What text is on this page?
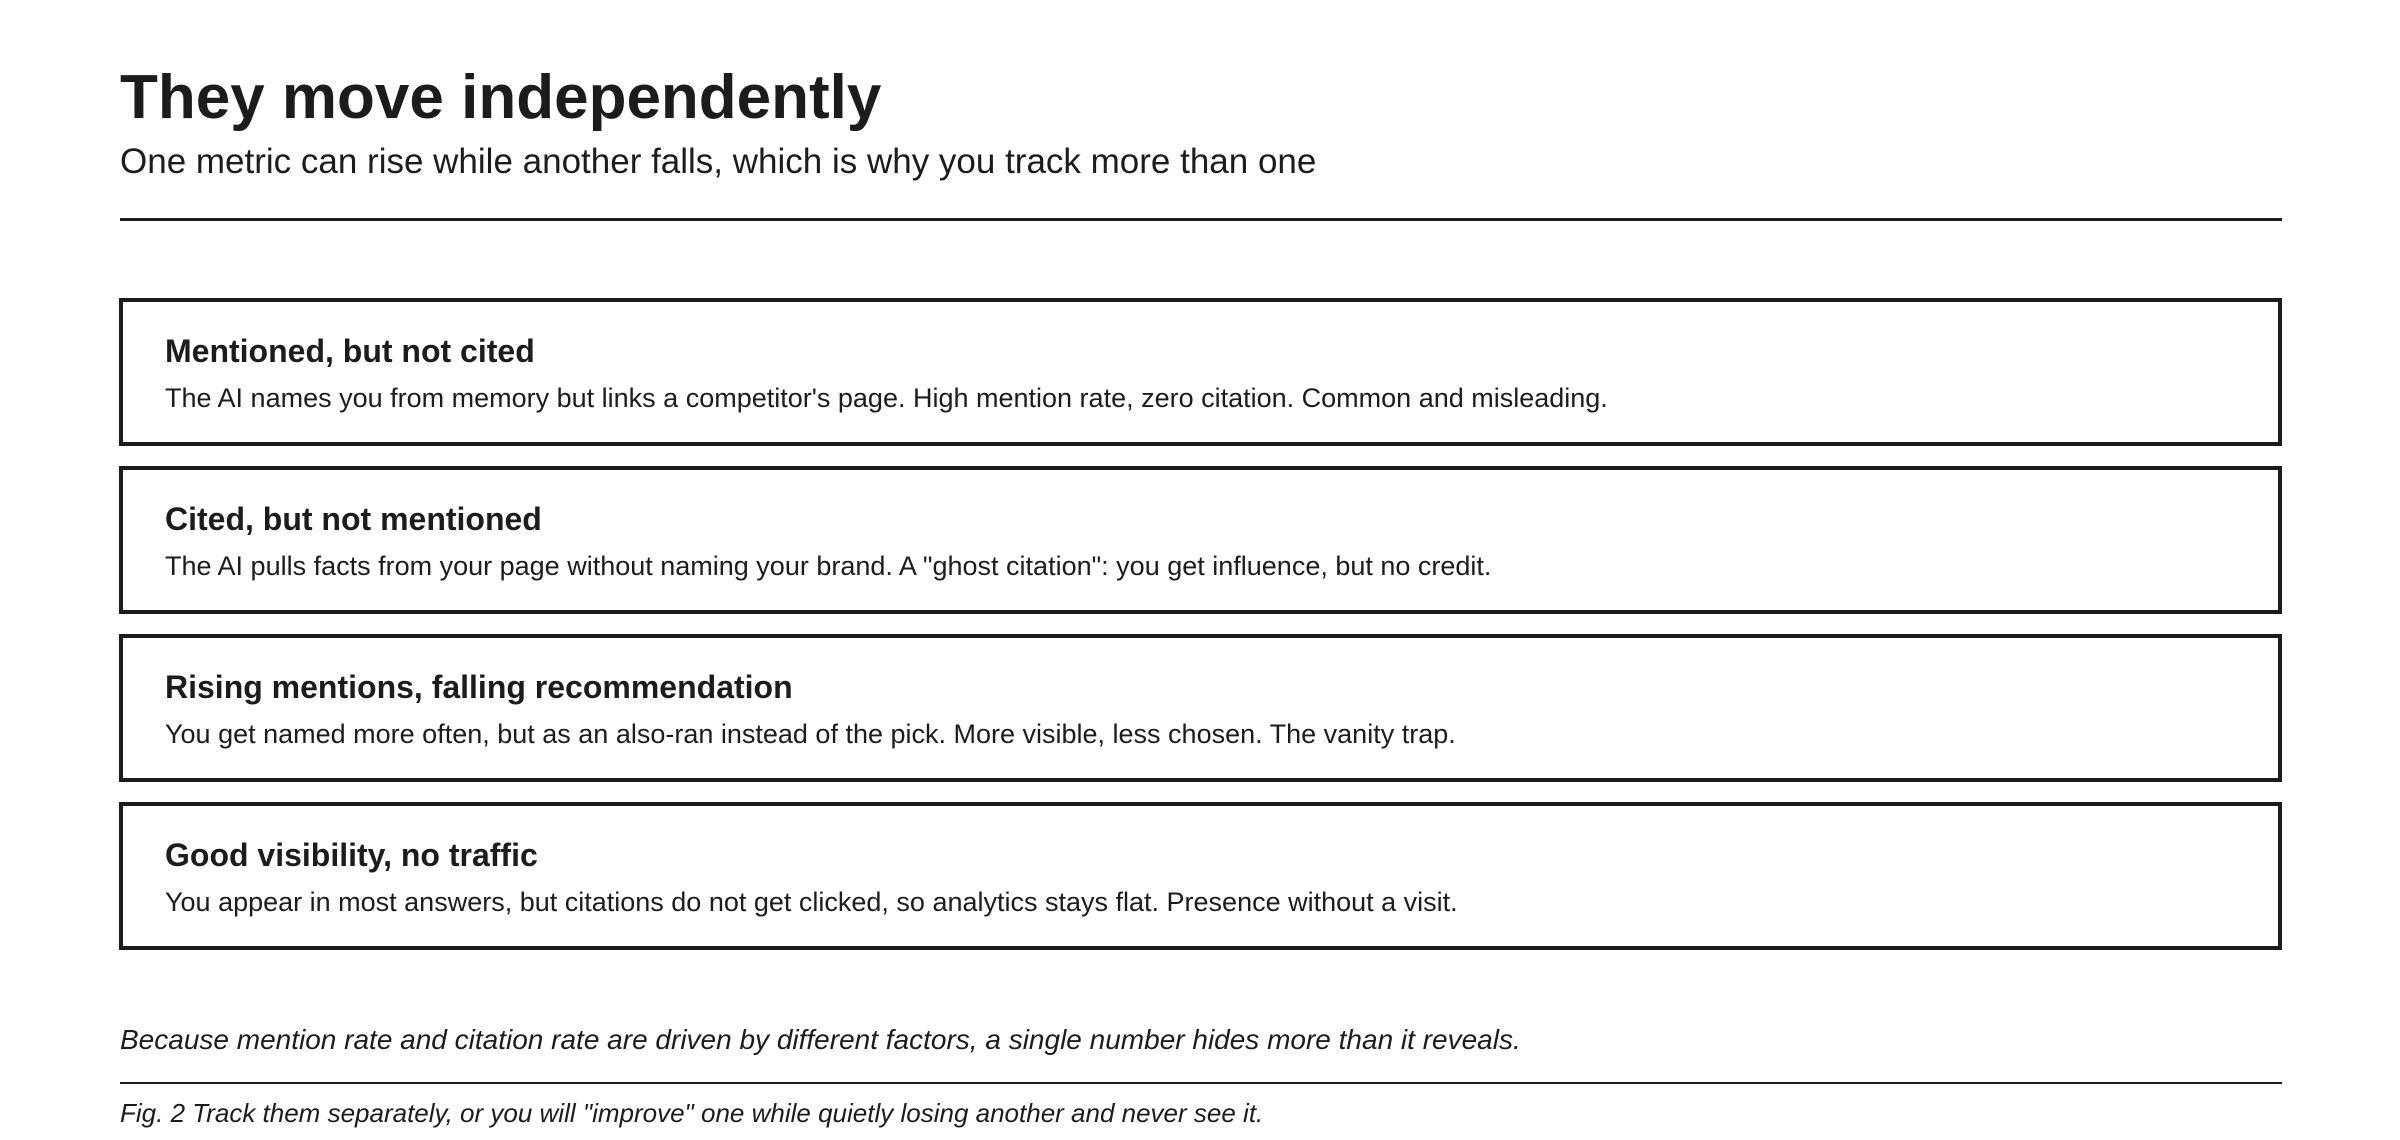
They move independently

One metric can rise while another falls, which is why you track more than one

Mentioned, but not cited

The AI names you from memory but links a competitor's page. High mention rate, zero citation. Common and misleading.

Cited, but not mentioned

The AI pulls facts from your page without naming your brand. A "ghost citation": you get influence, but no credit.

Rising mentions, falling recommendation

You get named more often, but as an also-ran instead of the pick. More visible, less chosen. The vanity trap.

Good visibility, no traffic

You appear in most answers, but citations do not get clicked, so analytics stays flat. Presence without a visit.

Because mention rate and citation rate are driven by different factors, a single number hides more than it reveals.

Fig. 2 Track them separately, or you will "improve" one while quietly losing another and never see it.
